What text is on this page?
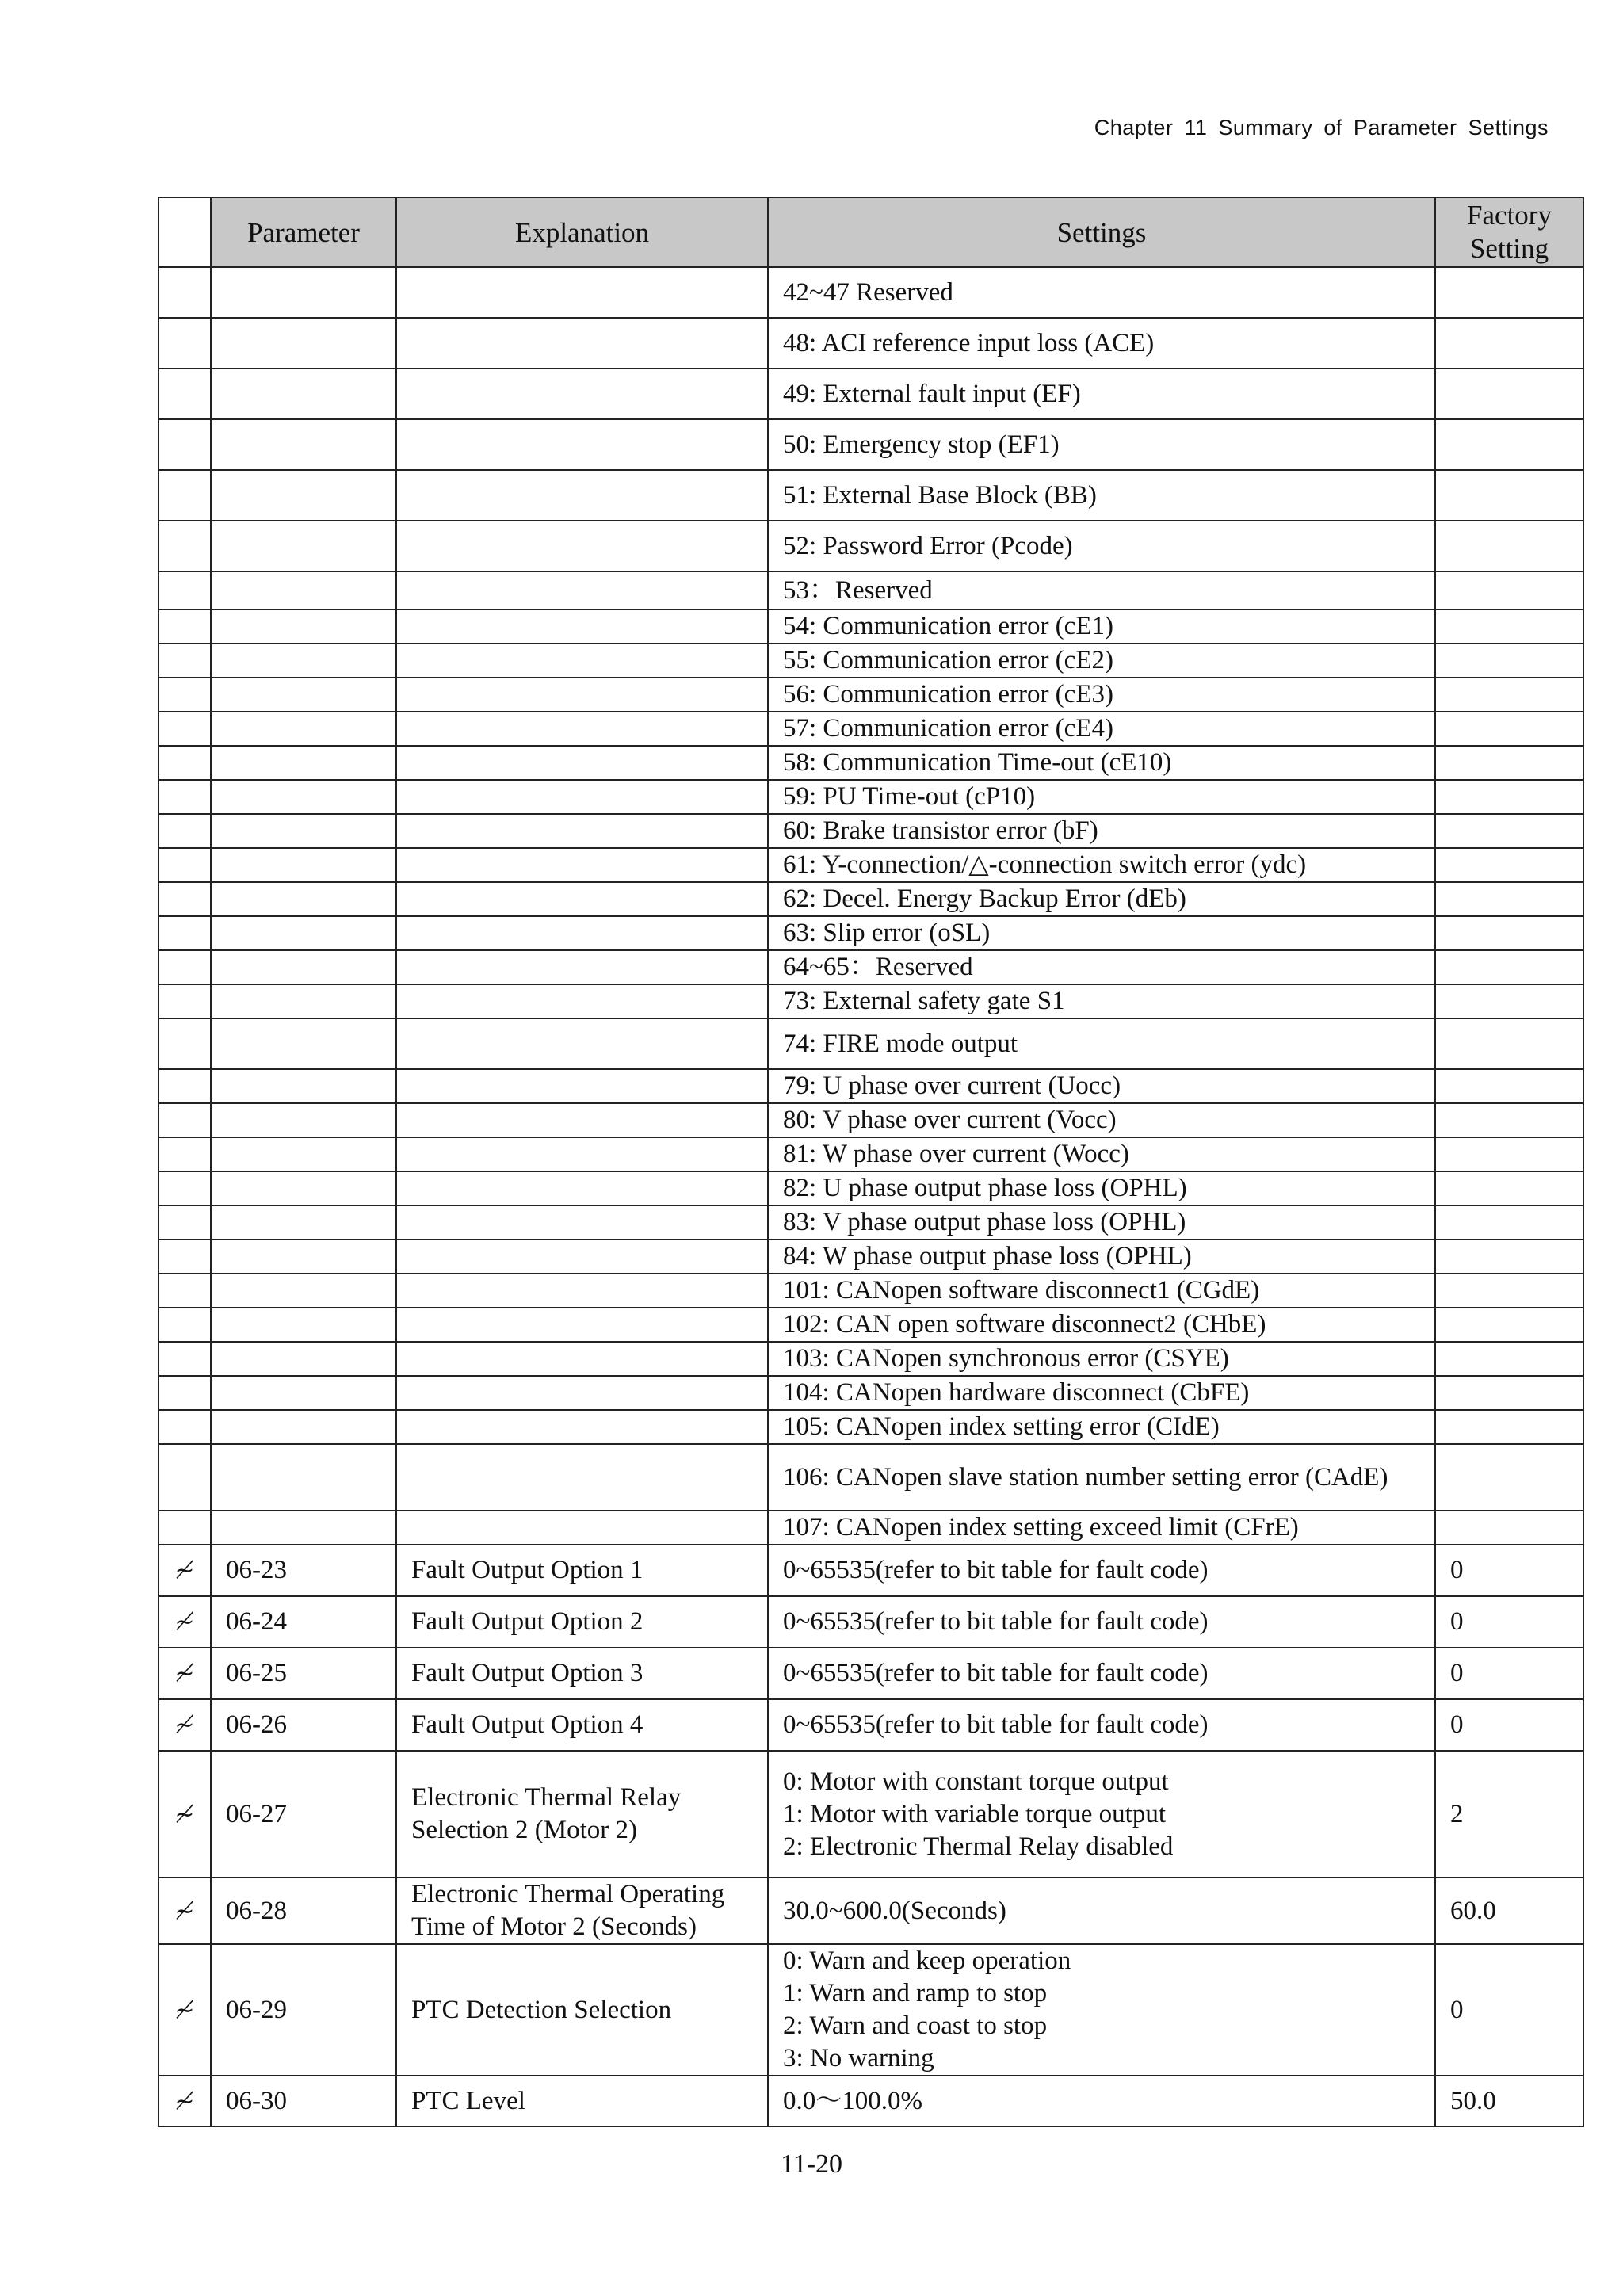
Chapter 11 Summary of Parameter Settings
	Parameter	Explanation	Settings	Factory Setting
			42~47 Reserved	
			48: ACI reference input loss (ACE)	
			49: External fault input (EF)	
			50: Emergency stop (EF1)	
			51: External Base Block (BB)	
			52: Password Error (Pcode)	
			53：Reserved	
			54: Communication error (cE1)	
			55: Communication error (cE2)	
			56: Communication error (cE3)	
			57: Communication error (cE4)	
			58: Communication Time-out (cE10)	
			59: PU Time-out (cP10)	
			60: Brake transistor error (bF)	
			61: Y-connection/△-connection switch error (ydc)	
			62: Decel. Energy Backup Error (dEb)	
			63: Slip error (oSL)	
			64~65：Reserved	
			73: External safety gate S1	
			74: FIRE mode output	
			79: U phase over current (Uocc)	
			80: V phase over current (Vocc)	
			81: W phase over current (Wocc)	
			82: U phase output phase loss (OPHL)	
			83: V phase output phase loss (OPHL)	
			84: W phase output phase loss (OPHL)	
			101: CANopen software disconnect1 (CGdE)	
			102: CAN open software disconnect2 (CHbE)	
			103: CANopen synchronous error (CSYE)	
			104: CANopen hardware disconnect (CbFE)	
			105: CANopen index setting error (CIdE)	
			106: CANopen slave station number setting error (CAdE)	
			107: CANopen index setting exceed limit (CFrE)	
≁	06-23	Fault Output Option 1	0~65535(refer to bit table for fault code)	0
≁	06-24	Fault Output Option 2	0~65535(refer to bit table for fault code)	0
≁	06-25	Fault Output Option 3	0~65535(refer to bit table for fault code)	0
≁	06-26	Fault Output Option 4	0~65535(refer to bit table for fault code)	0
≁	06-27	Electronic Thermal Relay Selection 2 (Motor 2)	0: Motor with constant torque output
1: Motor with variable torque output
2: Electronic Thermal Relay disabled	2
≁	06-28	Electronic Thermal Operating Time of Motor 2 (Seconds)	30.0~600.0(Seconds)	60.0
≁	06-29	PTC Detection Selection	0: Warn and keep operation
1: Warn and ramp to stop
2: Warn and coast to stop
3: No warning	0
≁	06-30	PTC Level	0.0～100.0%	50.0
11-20
